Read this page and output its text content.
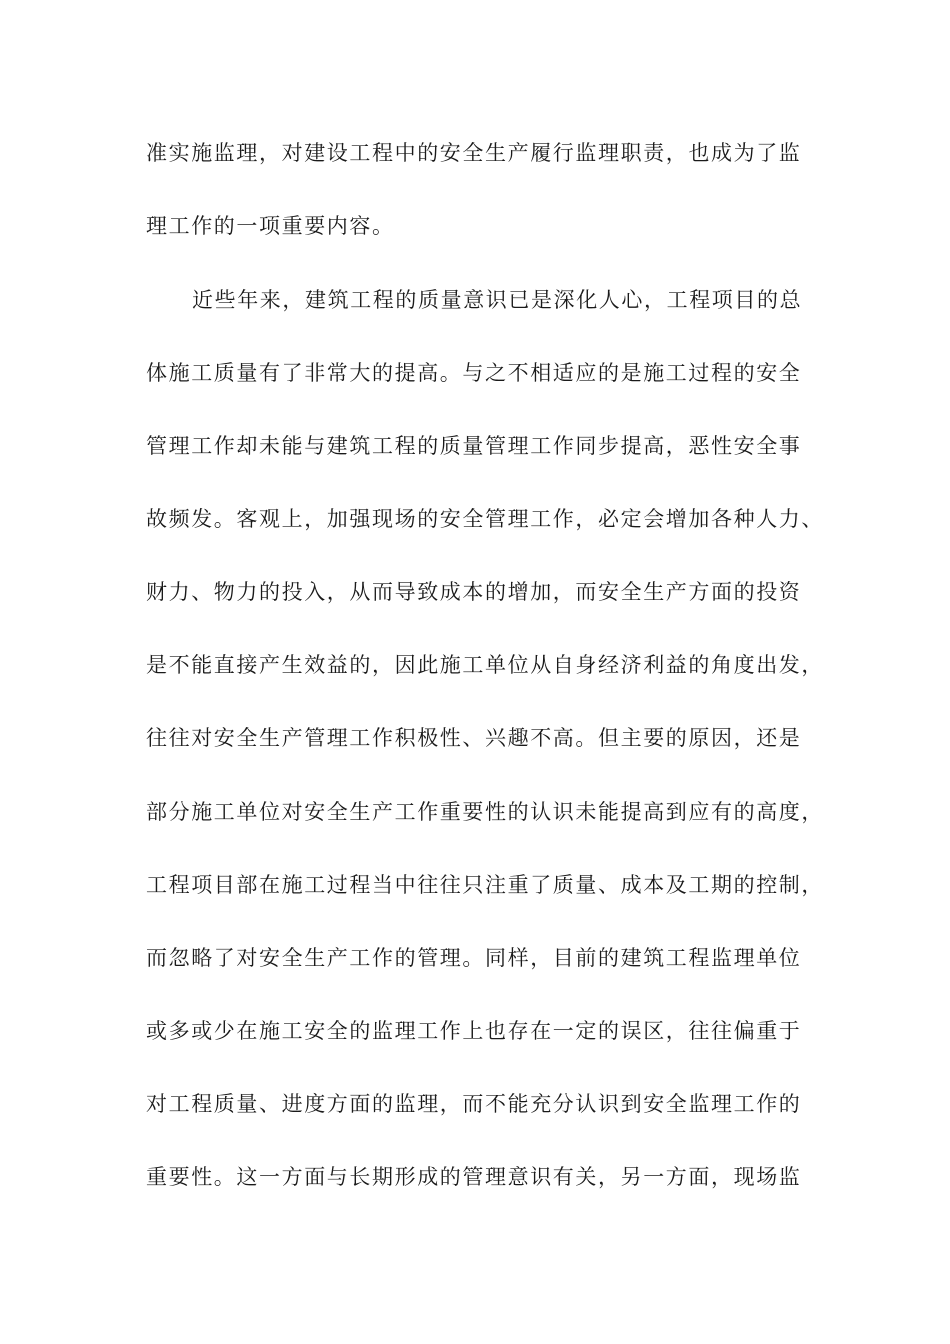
准实施监理，对建设工程中的安全生产履行监理职责，也成为了监
理工作的一项重要内容。
近些年来，建筑工程的质量意识已是深化人心，工程项目的总
体施工质量有了非常大的提高。与之不相适应的是施工过程的安全
管理工作却未能与建筑工程的质量管理工作同步提高，恶性安全事
故频发。客观上，加强现场的安全管理工作，必定会增加各种人力、
财力、物力的投入，从而导致成本的增加，而安全生产方面的投资
是不能直接产生效益的，因此施工单位从自身经济利益的角度出发，
往往对安全生产管理工作积极性、兴趣不高。但主要的原因，还是
部分施工单位对安全生产工作重要性的认识未能提高到应有的高度，
工程项目部在施工过程当中往往只注重了质量、成本及工期的控制，
而忽略了对安全生产工作的管理。同样，目前的建筑工程监理单位
或多或少在施工安全的监理工作上也存在一定的误区，往往偏重于
对工程质量、进度方面的监理，而不能充分认识到安全监理工作的
重要性。这一方面与长期形成的管理意识有关，另一方面，现场监
